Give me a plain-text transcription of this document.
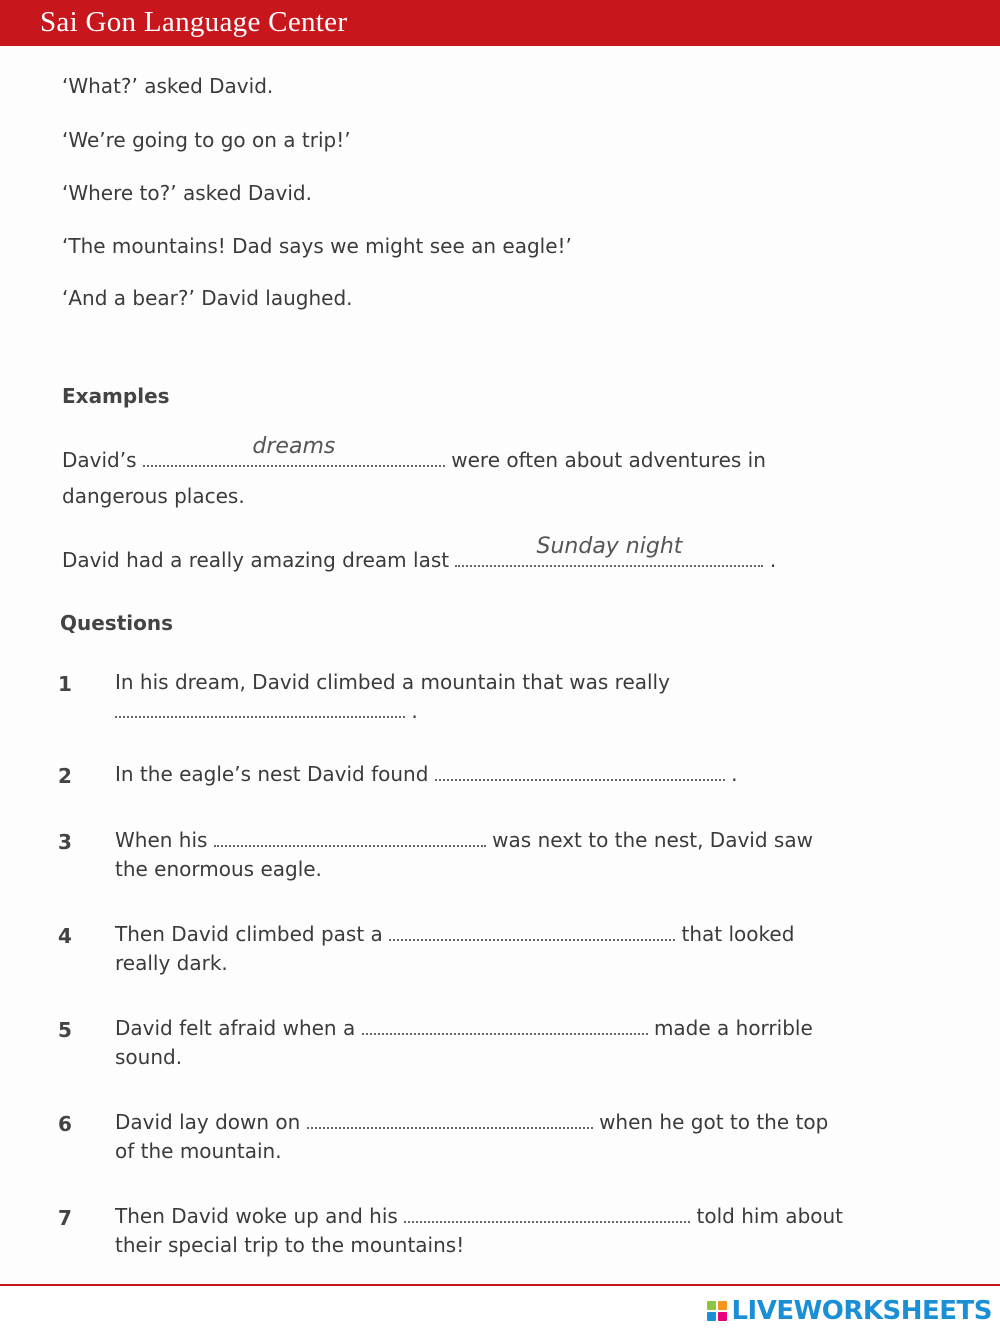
Sai Gon Language Center
‘What?’ asked David.
‘We’re going to go on a trip!’
‘Where to?’ asked David.
‘The mountains! Dad says we might see an eagle!’
‘And a bear?’ David laughed.
Examples
David’s
dreams
were often about adventures in
dangerous places.
David had a really amazing dream last
Sunday night
.
Questions
1 In his dream, David climbed a mountain that was really
.
2 In the eagle’s nest David found	.
3 When his	was next to the nest, David saw
the enormous eagle.
4 Then David climbed past a	that looked
really dark.
5 David felt afraid when a	made a horrible
sound.
6 David lay down on	when he got to the top
of the mountain.
7 Then David woke up and his	told him about
their special trip to the mountains!
LIVEWORKSHEETS
